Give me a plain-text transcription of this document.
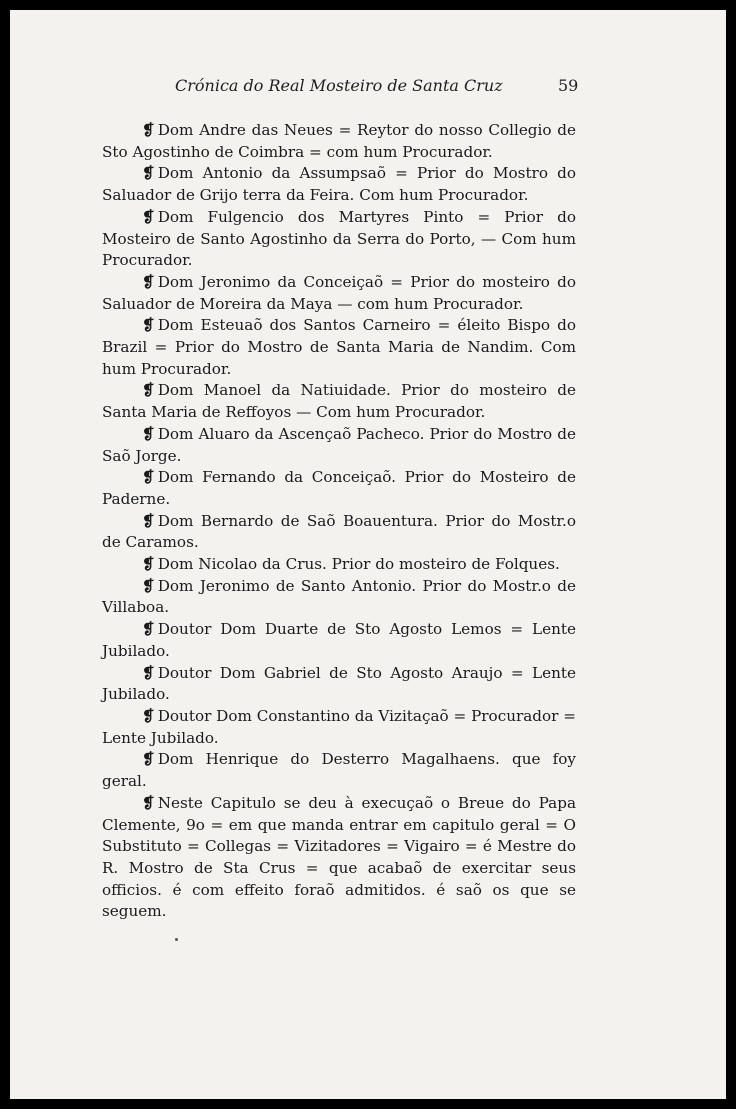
Crónica do Real Mosteiro de Santa Cruz	59

❡ Dom Andre das Neues = Reytor do nosso Collegio de Sto Agostinho de Coimbra = com hum Procurador.

❡ Dom Antonio da Assumpsaõ = Prior do Mostro do Saluador de Grijo terra da Feira. Com hum Procurador.

❡ Dom Fulgencio dos Martyres Pinto = Prior do Mosteiro de Santo Agostinho da Serra do Porto, — Com hum Procurador.

❡ Dom Jeronimo da Conceiçaõ = Prior do mosteiro do Saluador de Moreira da Maya — com hum Procurador.

❡ Dom Esteuaõ dos Santos Carneiro = éleito Bispo do Brazil = Prior do Mostro de Santa Maria de Nandim. Com hum Procurador.

❡ Dom Manoel da Natiuidade. Prior do mosteiro de Santa Maria de Reffoyos — Com hum Procurador.

❡ Dom Aluaro da Ascençaõ Pacheco. Prior do Mostro de Saõ Jorge.

❡ Dom Fernando da Conceiçaõ. Prior do Mosteiro de Paderne.

❡ Dom Bernardo de Saõ Boauentura. Prior do Mostr.o de Caramos.

❡ Dom Nicolao da Crus. Prior do mosteiro de Folques.

❡ Dom Jeronimo de Santo Antonio. Prior do Mostr.o de Villaboa.

❡ Doutor Dom Duarte de Sto Agosto Lemos = Lente Jubilado.

❡ Doutor Dom Gabriel de Sto Agosto Araujo = Lente Jubilado.

❡ Doutor Dom Constantino da Vizitaçaõ = Procurador = Lente Jubilado.

❡ Dom Henrique do Desterro Magalhaens. que foy geral.

❡ Neste Capitulo se deu à execuçaõ o Breue do Papa Clemente, 9o = em que manda entrar em capitulo geral = O Substituto = Collegas = Vizitadores = Vigairo = é Mestre do R. Mostro de Sta Crus = que acabaõ de exercitar seus officios. é com effeito foraõ admitidos. é saõ os que se seguem.
